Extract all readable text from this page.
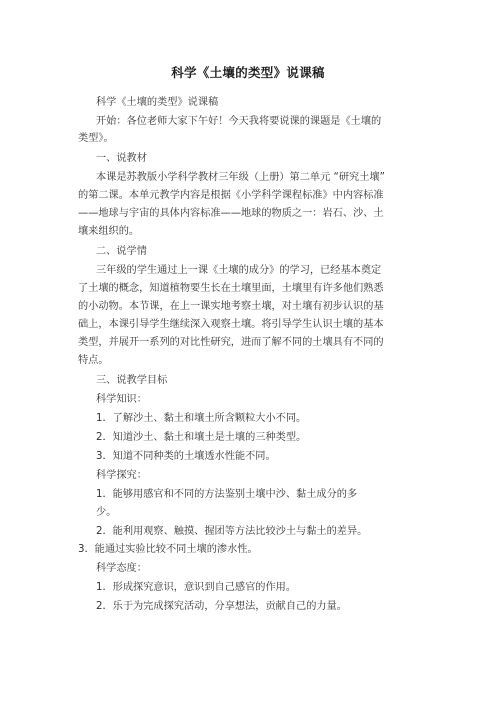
科学《土壤的类型》说课稿
科学《土壤的类型》说课稿
开始：各位老师大家下午好！今天我将要说课的课题是《土壤的
类型》。
一、说教材
本课是苏教版小学科学教材三年级（上册）第二单元 “研究土壤”
的第二课。本单元教学内容是根据《小学科学课程标准》中内容标准
——地球与宇宙的具体内容标准——地球的物质之一：岩石、沙、土
壤来组织的。
二、说学情
三年级的学生通过上一课《土壤的成分》的学习，已经基本奠定
了土壤的概念，知道植物要生长在土壤里面，土壤里有许多他们熟悉
的小动物。本节课，在上一课实地考察土壤，对土壤有初步认识的基
础上，本课引导学生继续深入观察土壤。将引导学生认识土壤的基本
类型，并展开一系列的对比性研究，进而了解不同的土壤具有不同的
特点。
三、说教学目标
科学知识：
1．了解沙土、黏土和壤土所含颗粒大小不同。
2．知道沙土、黏土和壤土是土壤的三种类型。
3．知道不同种类的土壤透水性能不同。
科学探究：
1．能够用感官和不同的方法鉴别土壤中沙、黏土成分的多
少。
2．能利用观察、触摸、握团等方法比较沙土与黏土的差异。
3．能通过实验比较不同土壤的渗水性。
科学态度：
1．形成探究意识，意识到自己感官的作用。
2．乐于为完成探究活动，分享想法，贡献自己的力量。
